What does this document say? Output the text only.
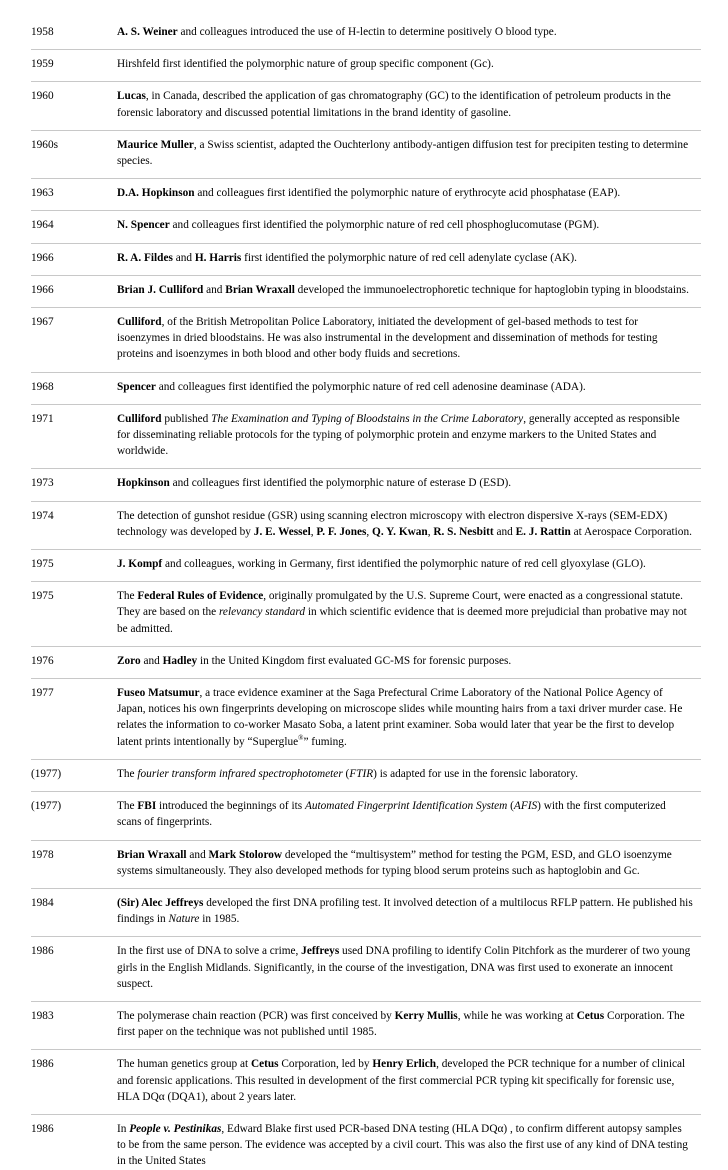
1958	A. S. Weiner and colleagues introduced the use of H-lectin to determine positively O blood type.
1959	Hirshfeld first identified the polymorphic nature of group specific component (Gc).
1960	Lucas, in Canada, described the application of gas chromatography (GC) to the identification of petroleum products in the forensic laboratory and discussed potential limitations in the brand identity of gasoline.
1960s	Maurice Muller, a Swiss scientist, adapted the Ouchterlony antibody-antigen diffusion test for precipiten testing to determine species.
1963	D.A. Hopkinson and colleagues first identified the polymorphic nature of erythrocyte acid phosphatase (EAP).
1964	N. Spencer and colleagues first identified the polymorphic nature of red cell phosphoglucomutase (PGM).
1966	R. A. Fildes and H. Harris first identified the polymorphic nature of red cell adenylate cyclase (AK).
1966	Brian J. Culliford and Brian Wraxall developed the immunoelectrophoretic technique for haptoglobin typing in bloodstains.
1967	Culliford, of the British Metropolitan Police Laboratory, initiated the development of gel-based methods to test for isoenzymes in dried bloodstains. He was also instrumental in the development and dissemination of methods for testing proteins and isoenzymes in both blood and other body fluids and secretions.
1968	Spencer and colleagues first identified the polymorphic nature of red cell adenosine deaminase (ADA).
1971	Culliford published The Examination and Typing of Bloodstains in the Crime Laboratory, generally accepted as responsible for disseminating reliable protocols for the typing of polymorphic protein and enzyme markers to the United States and worldwide.
1973	Hopkinson and colleagues first identified the polymorphic nature of esterase D (ESD).
1974	The detection of gunshot residue (GSR) using scanning electron microscopy with electron dispersive X-rays (SEM-EDX) technology was developed by J. E. Wessel, P. F. Jones, Q. Y. Kwan, R. S. Nesbitt and E. J. Rattin at Aerospace Corporation.
1975	J. Kompf and colleagues, working in Germany, first identified the polymorphic nature of red cell glyoxylase (GLO).
1975	The Federal Rules of Evidence, originally promulgated by the U.S. Supreme Court, were enacted as a congressional statute. They are based on the relevancy standard in which scientific evidence that is deemed more prejudicial than probative may not be admitted.
1976	Zoro and Hadley in the United Kingdom first evaluated GC-MS for forensic purposes.
1977	Fuseo Matsumur, a trace evidence examiner at the Saga Prefectural Crime Laboratory of the National Police Agency of Japan, notices his own fingerprints developing on microscope slides while mounting hairs from a taxi driver murder case. He relates the information to co-worker Masato Soba, a latent print examiner. Soba would later that year be the first to develop latent prints intentionally by “Superglue®” fuming.
(1977)	The fourier transform infrared spectrophotometer (FTIR) is adapted for use in the forensic laboratory.
(1977)	The FBI introduced the beginnings of its Automated Fingerprint Identification System (AFIS) with the first computerized scans of fingerprints.
1978	Brian Wraxall and Mark Stolorow developed the “multisystem” method for testing the PGM, ESD, and GLO isoenzyme systems simultaneously. They also developed methods for typing blood serum proteins such as haptoglobin and Gc.
1984	(Sir) Alec Jeffreys developed the first DNA profiling test. It involved detection of a multilocus RFLP pattern. He published his findings in Nature in 1985.
1986	In the first use of DNA to solve a crime, Jeffreys used DNA profiling to identify Colin Pitchfork as the murderer of two young girls in the English Midlands. Significantly, in the course of the investigation, DNA was first used to exonerate an innocent suspect.
1983	The polymerase chain reaction (PCR) was first conceived by Kerry Mullis, while he was working at Cetus Corporation. The first paper on the technique was not published until 1985.
1986	The human genetics group at Cetus Corporation, led by Henry Erlich, developed the PCR technique for a number of clinical and forensic applications. This resulted in development of the first commercial PCR typing kit specifically for forensic use, HLA DQα (DQA1), about 2 years later.
1986	In People v. Pestinikas, Edward Blake first used PCR-based DNA testing (HLA DQα) , to confirm different autopsy samples to be from the same person. The evidence was accepted by a civil court. This was also the first use of any kind of DNA testing in the United States
